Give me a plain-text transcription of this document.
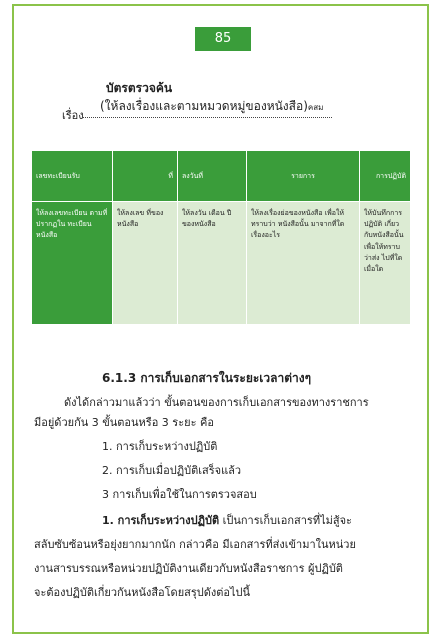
85
บัตรตรวจค้น
เรื่อง
(ให้ลงเรื่องและตามหมวดหมู่ของหนังสือ)คสม
เลขทะเบียนรับ	ที่	ลงวันที่	รายการ	การปฏิบัติ
ให้ลงเลขทะเบียน ตามที่ปรากฏใน ทะเบียนหนังสือ	ให้ลงเลข ที่ของ หนังสือ	ให้ลงวัน เดือน ปี ของหนังสือ	ให้ลงเรื่องย่อของหนังสือ เพื่อให้ทราบว่า หนังสือนั้น มาจากที่ใด เรื่องอะไร	ให้บันทึกการปฏิบัติ เกี่ยวกับหนังสือนั้น เพื่อให้ทราบว่าส่ง ไปที่ใด เมื่อใด
6.1.3 การเก็บเอกสารในระยะเวลาต่างๆ
ดังได้กล่าวมาแล้วว่า ขั้นตอนของการเก็บเอกสารของทางราชการ
มีอยู่ด้วยกัน 3 ขั้นตอนหรือ 3 ระยะ คือ
1. การเก็บระหว่างปฏิบัติ
2. การเก็บเมื่อปฏิบัติเสร็จแล้ว
3 การเก็บเพื่อใช้ในการตรวจสอบ
1. การเก็บระหว่างปฏิบัติ เป็นการเก็บเอกสารที่ไม่สู้จะ
สลับซับซ้อนหรือยุ่งยากมากนัก กล่าวคือ มีเอกสารที่ส่งเข้ามาในหน่วย
งานสารบรรณหรือหน่วยปฏิบัติงานเดียวกับหนังสือราชการ ผู้ปฏิบัติ
จะต้องปฏิบัติเกี่ยวกันหนังสือโดยสรุปดังต่อไปนี้
